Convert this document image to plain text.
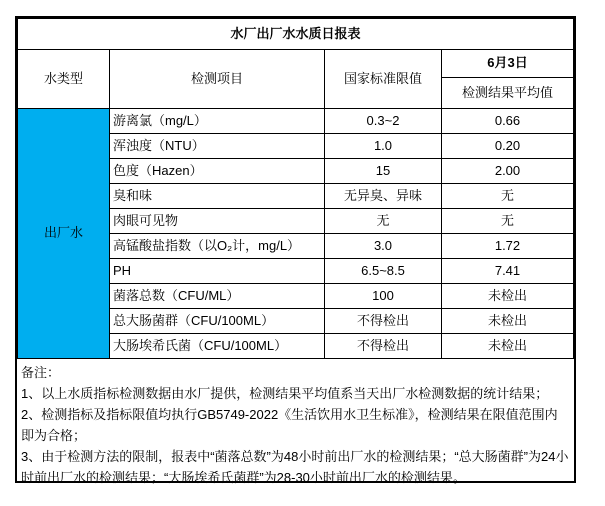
水厂出厂水水质日报表			
水类型	检测项目	国家标准限值	6月3日
			检测结果平均值
出厂水	游离氯（mg/L）	0.3~2	0.66
	浑浊度（NTU）	1.0	0.20
	色度（Hazen）	15	2.00
	臭和味	无异臭、异味	无
	肉眼可见物	无	无
	高锰酸盐指数（以O₂计，mg/L）	3.0	1.72
	PH	6.5~8.5	7.41
	菌落总数（CFU/ML）	100	未检出
	总大肠菌群（CFU/100ML）	不得检出	未检出
	大肠埃希氏菌（CFU/100ML）	不得检出	未检出
备注：
1、以上水质指标检测数据由水厂提供，检测结果平均值系当天出厂水检测数据的统计结果；
2、检测指标及指标限值均执行GB5749-2022《生活饮用水卫生标准》，检测结果在限值范围内即为合格；
3、由于检测方法的限制，报表中“菌落总数”为48小时前出厂水的检测结果；“总大肠菌群”为24小时前出厂水的检测结果；“大肠埃希氏菌群”为28-30小时前出厂水的检测结果。
